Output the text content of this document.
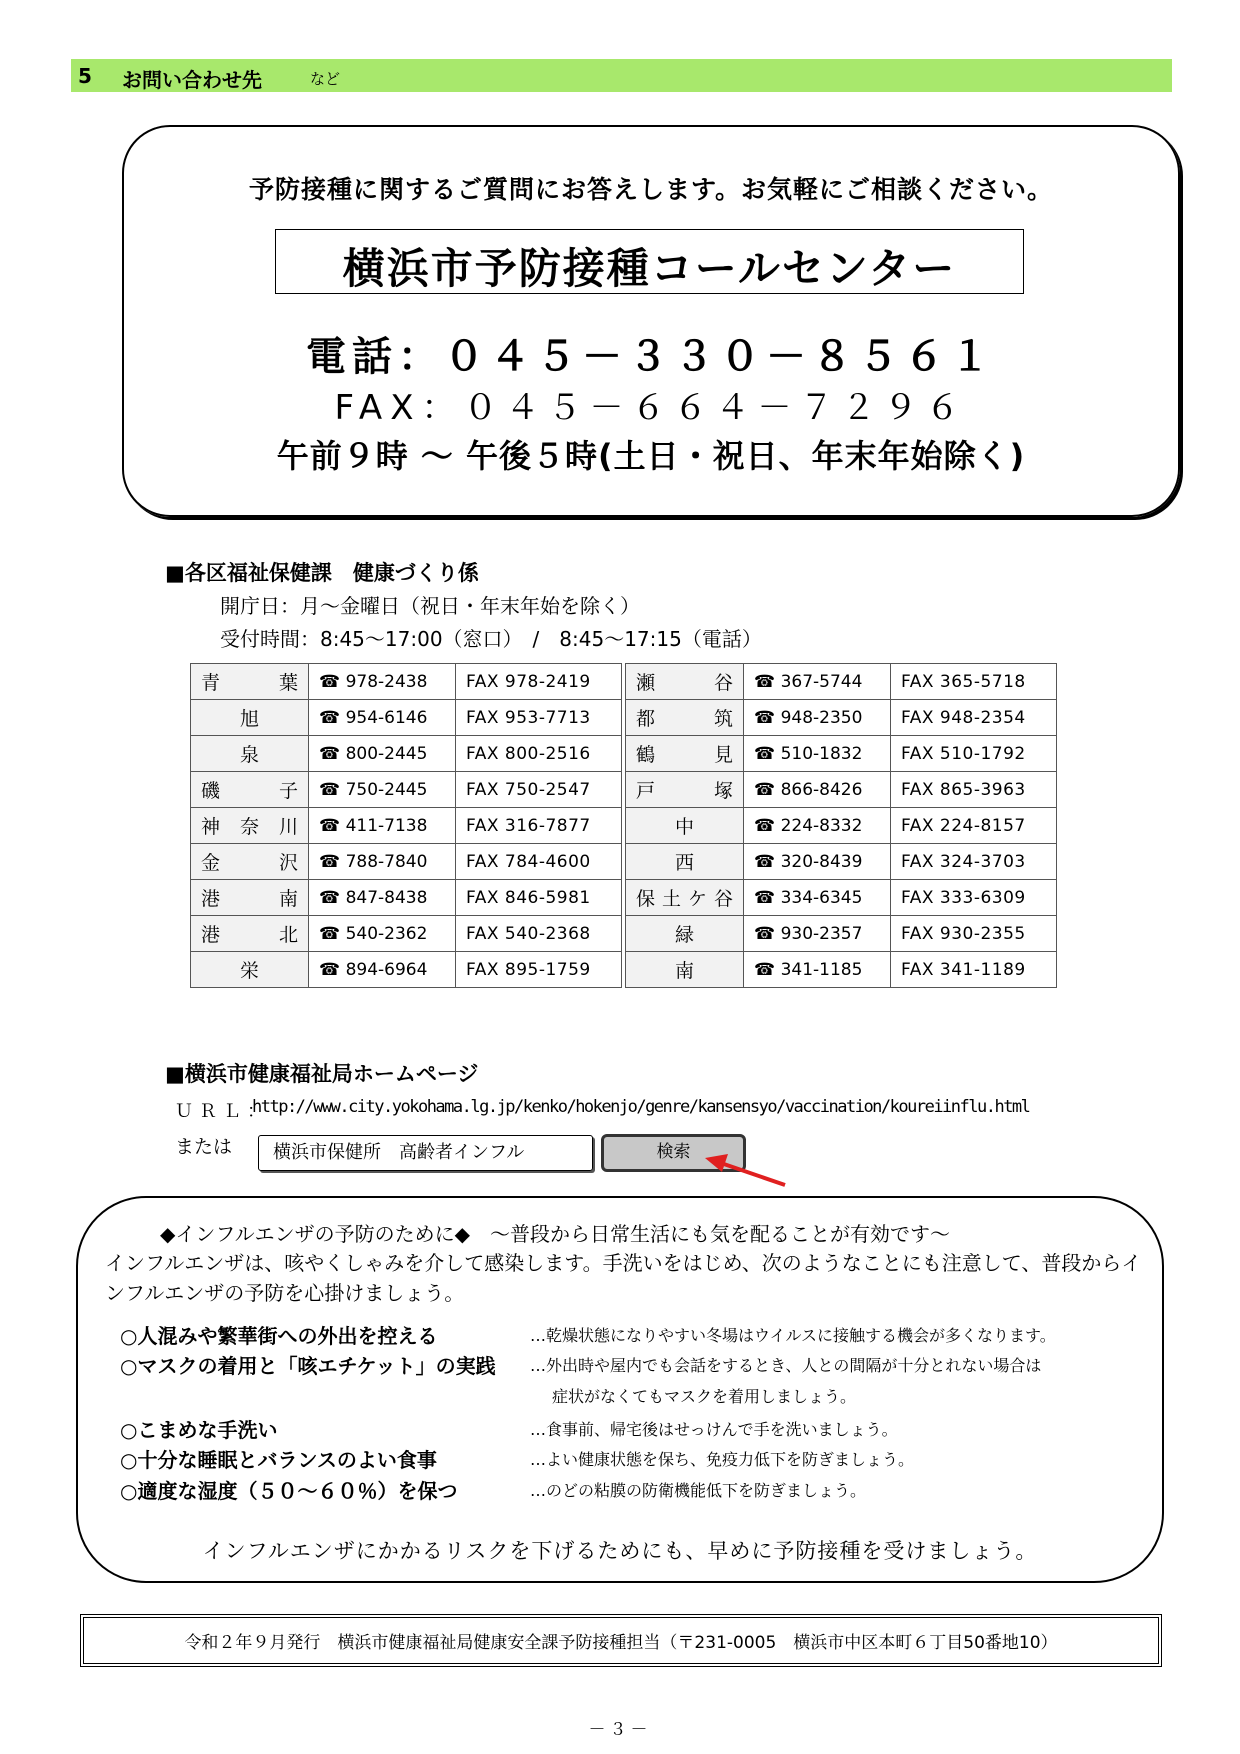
5 お問い合わせ先	など
予防接種に関するご質問にお答えします。お気軽にご相談ください。
横浜市予防接種コールセンター
電話：０４５－３３０－８５６１
FAX：０４５－６６４－７２９６
午前９時 ～ 午後５時(土日・祝日、年末年始除く)
■各区福祉保健課　健康づくり係
開庁日：月～金曜日（祝日・年末年始を除く）
受付時間：8:45～17:00（窓口）　/　8:45～17:15（電話）
青 葉	☎ 978-2438	FAX 978-2419		瀬 谷	☎ 367-5744	FAX 365-5718
旭	☎ 954-6146	FAX 953-7713		都 筑	☎ 948-2350	FAX 948-2354
泉	☎ 800-2445	FAX 800-2516		鶴 見	☎ 510-1832	FAX 510-1792
磯 子	☎ 750-2445	FAX 750-2547		戸 塚	☎ 866-8426	FAX 865-3963
神奈川	☎ 411-7138	FAX 316-7877		中	☎ 224-8332	FAX 224-8157
金 沢	☎ 788-7840	FAX 784-4600		西	☎ 320-8439	FAX 324-3703
港 南	☎ 847-8438	FAX 846-5981		保土ケ谷	☎ 334-6345	FAX 333-6309
港 北	☎ 540-2362	FAX 540-2368		緑	☎ 930-2357	FAX 930-2355
栄	☎ 894-6964	FAX 895-1759		南	☎ 341-1185	FAX 341-1189
■横浜市健康福祉局ホームページ
ＵＲＬ：
http://www.city.yokohama.lg.jp/kenko/hokenjo/genre/kansensyo/vaccination/koureiinflu.html
または	横浜市保健所　高齢者インフル	検索
◆インフルエンザの予防のために◆　～普段から日常生活にも気を配ることが有効です～
インフルエンザは、咳やくしゃみを介して感染します。手洗いをはじめ、次のようなことにも注意して、普段からインフルエンザの予防を心掛けましょう。
○人混みや繁華街への外出を控える	…乾燥状態になりやすい冬場はウイルスに接触する機会が多くなります。
○マスクの着用と「咳エチケット」の実践 …外出時や屋内でも会話をするとき、人との間隔が十分とれない場合は
症状がなくてもマスクを着用しましょう。
○こまめな手洗い	…食事前、帰宅後はせっけんで手を洗いましょう。
○十分な睡眠とバランスのよい食事	…よい健康状態を保ち、免疫力低下を防ぎましょう。
○適度な湿度（５０～６０％）を保つ	…のどの粘膜の防衛機能低下を防ぎましょう。
インフルエンザにかかるリスクを下げるためにも、早めに予防接種を受けましょう。
令和２年９月発行　横浜市健康福祉局健康安全課予防接種担当（〒231-0005　横浜市中区本町６丁目50番地10）
－３－
